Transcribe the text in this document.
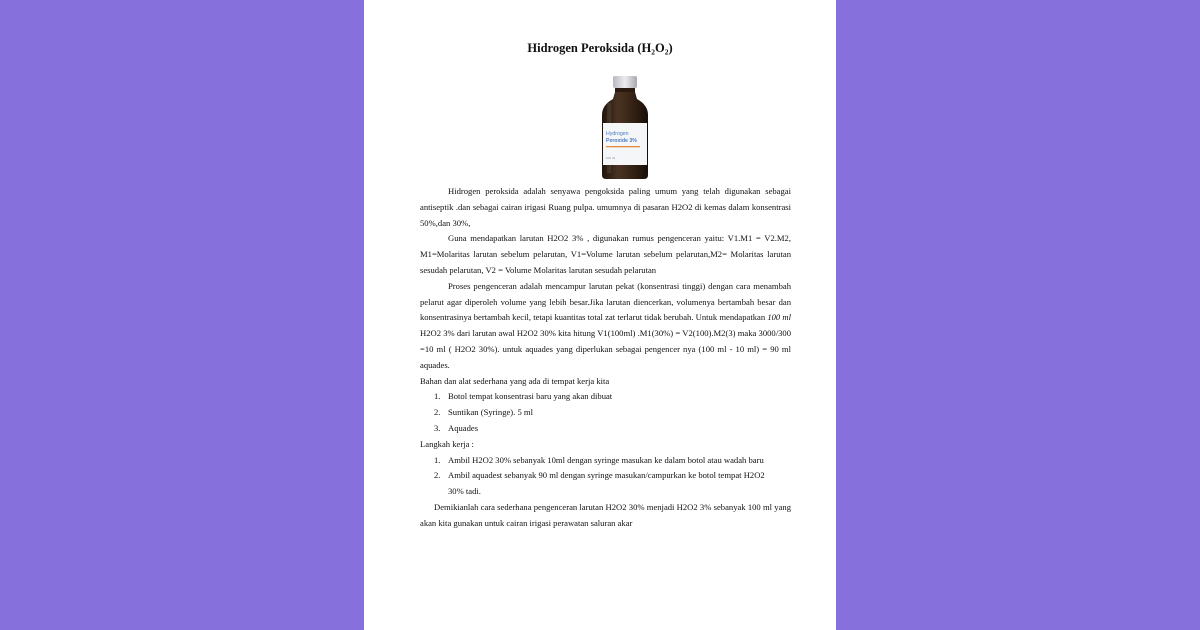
Hidrogen Peroksida (H₂O₂)
Hydrogen
Peroxide 3%
100 ml

Hidrogen peroksida adalah senyawa pengoksida paling umum yang telah digunakan sebagai antiseptik .dan sebagai cairan irigasi Ruang pulpa. umumnya di pasaran H2O2 di kemas dalam konsentrasi 50%,dan 30%,

Guna mendapatkan larutan H2O2 3% , digunakan rumus pengenceran yaitu: V1.M1 = V2.M2, M1=Molaritas larutan sebelum pelarutan, V1=Volume larutan sebelum pelarutan,M2= Molaritas larutan sesudah pelarutan, V2 = Volume Molaritas larutan sesudah pelarutan

Proses pengenceran adalah mencampur larutan pekat (konsentrasi tinggi) dengan cara menambah pelarut agar diperoleh volume yang lebih besar.Jika larutan diencerkan, volumenya bertambah besar dan konsentrasinya bertambah kecil, tetapi kuantitas total zat terlarut tidak berubah. Untuk mendapatkan 100 ml H2O2 3% dari larutan awal H2O2 30% kita hitung V1(100ml) .M1(30%) = V2(100).M2(3) maka 3000/300 =10 ml ( H2O2 30%). untuk aquades yang diperlukan sebagai pengencer nya (100 ml - 10 ml) = 90 ml aquades.

Bahan dan alat sederhana yang ada di tempat kerja kita

1. Botol tempat konsentrasi baru yang akan dibuat
2. Suntikan (Syringe). 5 ml
3. Aquades

Langkah kerja :

1. Ambil H2O2 30% sebanyak 10ml dengan syringe masukan ke dalam botol atau wadah baru
2. Ambil aquadest sebanyak 90 ml dengan syringe masukan/campurkan ke botol tempat H2O2 30% tadi.

Demikianlah cara sederhana pengenceran larutan H2O2 30% menjadi H2O2 3% sebanyak 100 ml yang akan kita gunakan untuk cairan irigasi perawatan saluran akar
